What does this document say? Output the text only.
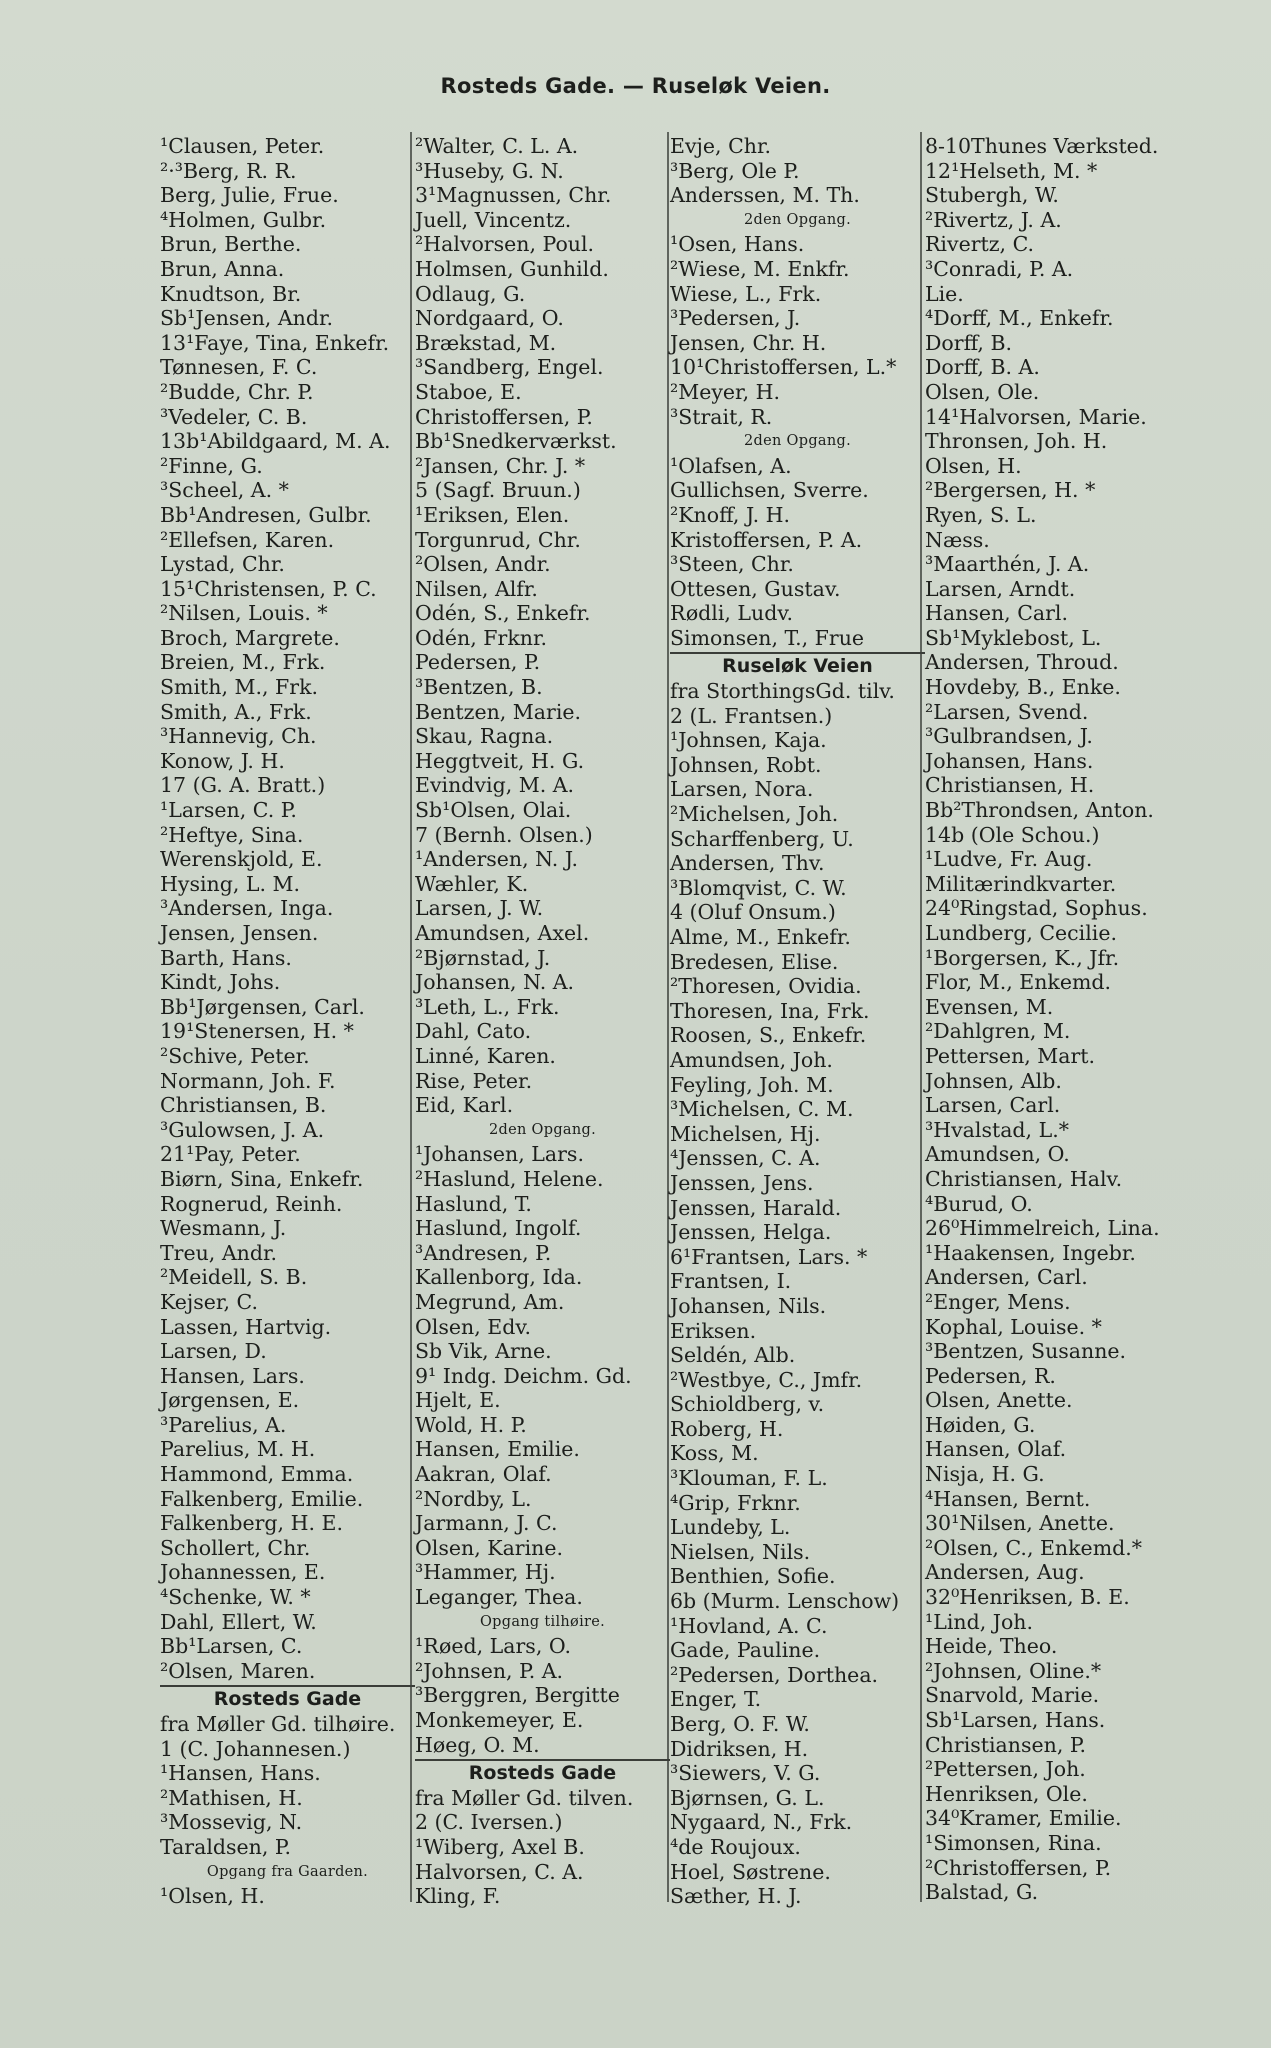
Rosteds Gade. — Ruseløk Veien.
¹Clausen, Peter.
²·³Berg, R. R.
Berg, Julie, Frue.
⁴Holmen, Gulbr.
Brun, Berthe.
Brun, Anna.
Knudtson, Br.
Sb¹Jensen, Andr.
13¹Faye, Tina, Enkefr.
Tønnesen, F. C.
²Budde, Chr. P.
³Vedeler, C. B.
13b¹Abildgaard, M. A.
²Finne, G.
³Scheel, A. *
Bb¹Andresen, Gulbr.
²Ellefsen, Karen.
Lystad, Chr.
15¹Christensen, P. C.
²Nilsen, Louis. *
Broch, Margrete.
Breien, M., Frk.
Smith, M., Frk.
Smith, A., Frk.
³Hannevig, Ch.
Konow, J. H.
17 (G. A. Bratt.)
¹Larsen, C. P.
²Heftye, Sina.
Werenskjold, E.
Hysing, L. M.
³Andersen, Inga.
Jensen, Jensen.
Barth, Hans.
Kindt, Johs.
Bb¹Jørgensen, Carl.
19¹Stenersen, H. *
²Schive, Peter.
Normann, Joh. F.
Christiansen, B.
³Gulowsen, J. A.
21¹Pay, Peter.
Biørn, Sina, Enkefr.
Rognerud, Reinh.
Wesmann, J.
Treu, Andr.
²Meidell, S. B.
Kejser, C.
Lassen, Hartvig.
Larsen, D.
Hansen, Lars.
Jørgensen, E.
³Parelius, A.
Parelius, M. H.
Hammond, Emma.
Falkenberg, Emilie.
Falkenberg, H. E.
Schollert, Chr.
Johannessen, E.
⁴Schenke, W. *
Dahl, Ellert, W.
Bb¹Larsen, C.
²Olsen, Maren.
Rosteds Gade
fra Møller Gd. tilhøire.
1 (C. Johannesen.)
¹Hansen, Hans.
²Mathisen, H.
³Mossevig, N.
Taraldsen, P.
Opgang fra Gaarden.
¹Olsen, H.
²Walter, C. L. A.
³Huseby, G. N.
3¹Magnussen, Chr.
Juell, Vincentz.
²Halvorsen, Poul.
Holmsen, Gunhild.
Odlaug, G.
Nordgaard, O.
Brækstad, M.
³Sandberg, Engel.
Staboe, E.
Christoffersen, P.
Bb¹Snedkerværkst.
²Jansen, Chr. J. *
5 (Sagf. Bruun.)
¹Eriksen, Elen.
Torgunrud, Chr.
²Olsen, Andr.
Nilsen, Alfr.
Odén, S., Enkefr.
Odén, Frknr.
Pedersen, P.
³Bentzen, B.
Bentzen, Marie.
Skau, Ragna.
Heggtveit, H. G.
Evindvig, M. A.
Sb¹Olsen, Olai.
7 (Bernh. Olsen.)
¹Andersen, N. J.
Wæhler, K.
Larsen, J. W.
Amundsen, Axel.
²Bjørnstad, J.
Johansen, N. A.
³Leth, L., Frk.
Dahl, Cato.
Linné, Karen.
Rise, Peter.
Eid, Karl.
2den Opgang.
¹Johansen, Lars.
²Haslund, Helene.
Haslund, T.
Haslund, Ingolf.
³Andresen, P.
Kallenborg, Ida.
Megrund, Am.
Olsen, Edv.
Sb Vik, Arne.
9¹ Indg. Deichm. Gd.
Hjelt, E.
Wold, H. P.
Hansen, Emilie.
Aakran, Olaf.
²Nordby, L.
Jarmann, J. C.
Olsen, Karine.
³Hammer, Hj.
Leganger, Thea.
Opgang tilhøire.
¹Røed, Lars, O.
²Johnsen, P. A.
³Berggren, Bergitte
Monkemeyer, E.
Høeg, O. M.
Rosteds Gade
fra Møller Gd. tilven.
2 (C. Iversen.)
¹Wiberg, Axel B.
Halvorsen, C. A.
Kling, F.
Evje, Chr.
³Berg, Ole P.
Anderssen, M. Th.
2den Opgang.
¹Osen, Hans.
²Wiese, M. Enkfr.
Wiese, L., Frk.
³Pedersen, J.
Jensen, Chr. H.
10¹Christoffersen, L.*
²Meyer, H.
³Strait, R.
2den Opgang.
¹Olafsen, A.
Gullichsen, Sverre.
²Knoff, J. H.
Kristoffersen, P. A.
³Steen, Chr.
Ottesen, Gustav.
Rødli, Ludv.
Simonsen, T., Frue
Ruseløk Veien
fra StorthingsGd. tilv.
2 (L. Frantsen.)
¹Johnsen, Kaja.
Johnsen, Robt.
Larsen, Nora.
²Michelsen, Joh.
Scharffenberg, U.
Andersen, Thv.
³Blomqvist, C. W.
4 (Oluf Onsum.)
Alme, M., Enkefr.
Bredesen, Elise.
²Thoresen, Ovidia.
Thoresen, Ina, Frk.
Roosen, S., Enkefr.
Amundsen, Joh.
Feyling, Joh. M.
³Michelsen, C. M.
Michelsen, Hj.
⁴Jenssen, C. A.
Jenssen, Jens.
Jenssen, Harald.
Jenssen, Helga.
6¹Frantsen, Lars. *
Frantsen, I.
Johansen, Nils.
Eriksen.
Seldén, Alb.
²Westbye, C., Jmfr.
Schioldberg, v.
Roberg, H.
Koss, M.
³Klouman, F. L.
⁴Grip, Frknr.
Lundeby, L.
Nielsen, Nils.
Benthien, Sofie.
6b (Murm. Lenschow)
¹Hovland, A. C.
Gade, Pauline.
²Pedersen, Dorthea.
Enger, T.
Berg, O. F. W.
Didriksen, H.
³Siewers, V. G.
Bjørnsen, G. L.
Nygaard, N., Frk.
⁴de Roujoux.
Hoel, Søstrene.
Sæther, H. J.
8-10Thunes Værksted.
12¹Helseth, M. *
Stubergh, W.
²Rivertz, J. A.
Rivertz, C.
³Conradi, P. A.
Lie.
⁴Dorff, M., Enkefr.
Dorff, B.
Dorff, B. A.
Olsen, Ole.
14¹Halvorsen, Marie.
Thronsen, Joh. H.
Olsen, H.
²Bergersen, H. *
Ryen, S. L.
Næss.
³Maarthén, J. A.
Larsen, Arndt.
Hansen, Carl.
Sb¹Myklebost, L.
Andersen, Throud.
Hovdeby, B., Enke.
²Larsen, Svend.
³Gulbrandsen, J.
Johansen, Hans.
Christiansen, H.
Bb²Throndsen, Anton.
14b (Ole Schou.)
¹Ludve, Fr. Aug.
Militærindkvarter.
24⁰Ringstad, Sophus.
Lundberg, Cecilie.
¹Borgersen, K., Jfr.
Flor, M., Enkemd.
Evensen, M.
²Dahlgren, M.
Pettersen, Mart.
Johnsen, Alb.
Larsen, Carl.
³Hvalstad, L.*
Amundsen, O.
Christiansen, Halv.
⁴Burud, O.
26⁰Himmelreich, Lina.
¹Haakensen, Ingebr.
Andersen, Carl.
²Enger, Mens.
Kophal, Louise. *
³Bentzen, Susanne.
Pedersen, R.
Olsen, Anette.
Høiden, G.
Hansen, Olaf.
Nisja, H. G.
⁴Hansen, Bernt.
30¹Nilsen, Anette.
²Olsen, C., Enkemd.*
Andersen, Aug.
32⁰Henriksen, B. E.
¹Lind, Joh.
Heide, Theo.
²Johnsen, Oline.*
Snarvold, Marie.
Sb¹Larsen, Hans.
Christiansen, P.
²Pettersen, Joh.
Henriksen, Ole.
34⁰Kramer, Emilie.
¹Simonsen, Rina.
²Christoffersen, P.
Balstad, G.
